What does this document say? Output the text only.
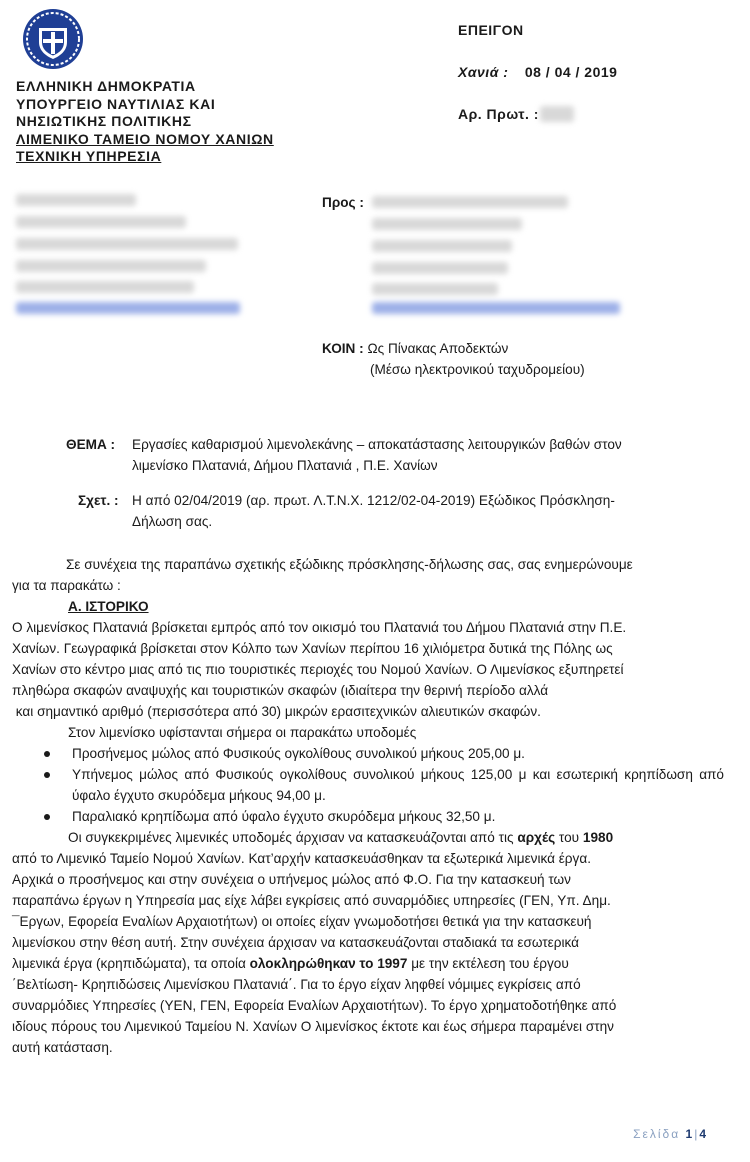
ΕΛΛΗΝΙΚΗ ΔΗΜΟΚΡΑΤΙΑ
ΥΠΟΥΡΓΕΙΟ ΝΑΥΤΙΛΙΑΣ ΚΑΙ
ΝΗΣΙΩΤΙΚΗΣ ΠΟΛΙΤΙΚΗΣ
ΛΙΜΕΝΙΚΟ ΤΑΜΕΙΟ ΝΟΜΟΥ ΧΑΝΙΩΝ
ΤΕΧΝΙΚΗ ΥΠΗΡΕΣΙΑ
ΕΠΕΙΓΟΝ
Χανιά : 08 / 04 / 2019
Αρ. Πρωτ. :
Προς :
ΚΟΙΝ : Ως Πίνακας Αποδεκτών
(Μέσω ηλεκτρονικού ταχυδρομείου)
ΘΕΜΑ : Εργασίες καθαρισμού λιμενολεκάνης – αποκατάστασης λειτουργικών βαθών στον
λιμενίσκο Πλατανιά, Δήμου Πλατανιά , Π.Ε. Χανίων
Σχετ. : Η από 02/04/2019 (αρ. πρωτ. Λ.Τ.Ν.Χ. 1212/02-04-2019) Εξώδικος Πρόσκληση-
Δήλωση σας.

Σε συνέχεια της παραπάνω σχετικής εξώδικης πρόσκλησης-δήλωσης σας, σας ενημερώνουμε

για τα παρακάτω :

Α. ΙΣΤΟΡΙΚΟ

Ο λιμενίσκος Πλατανιά βρίσκεται εμπρός από τον οικισμό του Πλατανιά του Δήμου Πλατανιά στην Π.Ε.

Χανίων. Γεωγραφικά βρίσκεται στον Κόλπο των Χανίων περίπου 16 χιλιόμετρα δυτικά της Πόλης ως

Χανίων στο κέντρο μιας από τις πιο τουριστικές περιοχές του Νομού Χανίων. Ο Λιμενίσκος εξυπηρετεί

πληθώρα σκαφών αναψυχής και τουριστικών σκαφών (ιδιαίτερα την θερινή περίοδο αλλά

και σημαντικό αριθμό (περισσότερα από 30) μικρών ερασιτεχνικών αλιευτικών σκαφών.

Στον λιμενίσκο υφίστανται σήμερα οι παρακάτω υποδομές

Προσήνεμος μώλος από Φυσικούς ογκολίθους συνολικού μήκους 205,00 μ.
Υπήνεμος μώλος από Φυσικούς ογκολίθους συνολικού μήκους 125,00 μ και εσωτερική κρηπίδωση από ύφαλο έγχυτο σκυρόδεμα μήκους 94,00 μ.
Παραλιακό κρηπίδωμα από ύφαλο έγχυτο σκυρόδεμα μήκους 32,50 μ.

Οι συγκεκριμένες λιμενικές υποδομές άρχισαν να κατασκευάζονται από τις αρχές του 1980

από το Λιμενικό Ταμείο Νομού Χανίων. Κατ’αρχήν κατασκευάσθηκαν τα εξωτερικά λιμενικά έργα.

Αρχικά ο προσήνεμος και στην συνέχεια ο υπήνεμος μώλος από Φ.Ο. Για την κατασκευή των

παραπάνω έργων η Υπηρεσία μας είχε λάβει εγκρίσεις από συναρμόδιες υπηρεσίες (ΓΕΝ, Υπ. Δημ.

¯Εργων, Εφορεία Εναλίων Αρχαιοτήτων) οι οποίες είχαν γνωμοδοτήσει θετικά για την κατασκευή

λιμενίσκου στην θέση αυτή. Στην συνέχεια άρχισαν να κατασκευάζονται σταδιακά τα εσωτερικά

λιμενικά έργα (κρηπιδώματα), τα οποία ολοκληρώθηκαν το 1997 με την εκτέλεση του έργου

΄Βελτίωση- Κρηπιδώσεις Λιμενίσκου Πλατανιά΄. Για το έργο είχαν ληφθεί νόμιμες εγκρίσεις από

συναρμόδιες Υπηρεσίες (ΥΕΝ, ΓΕΝ, Εφορεία Εναλίων Αρχαιοτήτων). Το έργο χρηματοδοτήθηκε από

ιδίους πόρους του Λιμενικού Ταμείου Ν. Χανίων Ο λιμενίσκος έκτοτε και έως σήμερα παραμένει στην

αυτή κατάσταση.

Σελίδα 1|4
